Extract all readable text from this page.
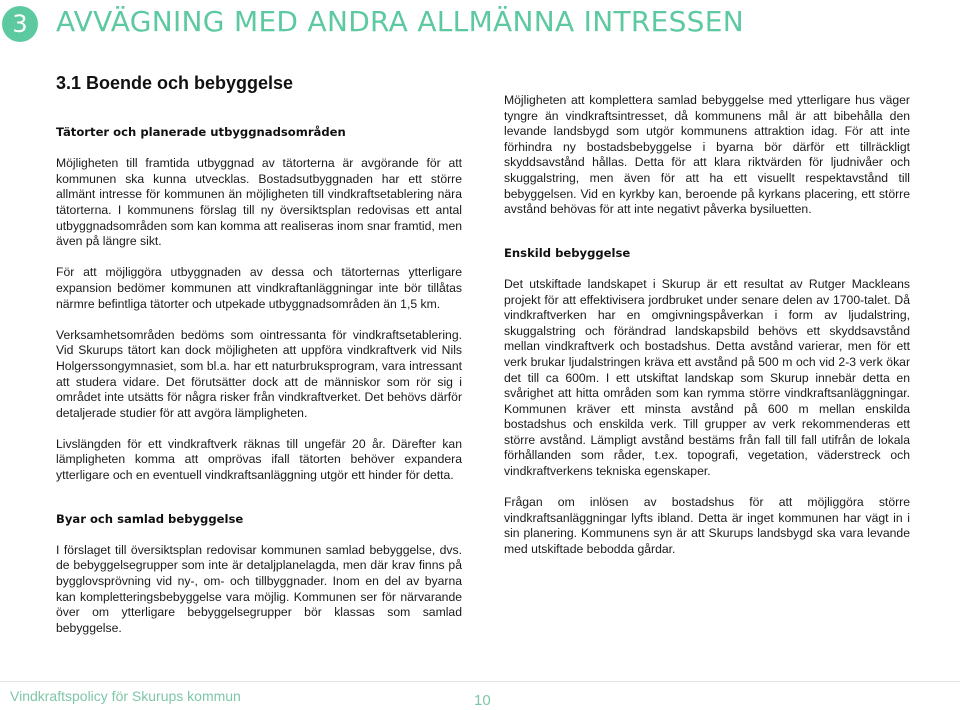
3	AVVÄGNING MED ANDRA ALLMÄNNA INTRESSEN
3.1 Boende och bebyggelse
Tätorter och planerade utbyggnadsområden

Möjligheten till framtida utbyggnad av tätorterna är avgörande för att kommunen ska kunna utvecklas. Bostadsutbyggnaden har ett större allmänt intresse för kommunen än möjligheten till vindkraftsetablering nära tätorterna. I kommunens förslag till ny översiktsplan redovisas ett antal utbyggnadsområden som kan komma att realiseras inom snar framtid, men även på längre sikt.

För att möjliggöra utbyggnaden av dessa och tätorternas ytterligare expansion bedömer kommunen att vindkraftanläggningar inte bör tillåtas närmre befintliga tätorter och utpekade utbyggnadsområden än 1,5 km.

Verksamhetsområden bedöms som ointressanta för vindkraftsetablering. Vid Skurups tätort kan dock möjligheten att uppföra vindkraftverk vid Nils Holgerssongymnasiet, som bl.a. har ett naturbruksprogram, vara intressant att studera vidare. Det förutsätter dock att de människor som rör sig i området inte utsätts för några risker från vindkraftverket. Det behövs därför detaljerade studier för att avgöra lämpligheten.

Livslängden för ett vindkraftverk räknas till ungefär 20 år. Därefter kan lämpligheten komma att omprövas ifall tätorten behöver expandera ytterligare och en eventuell vindkraftsanläggning utgör ett hinder för detta.

Byar och samlad bebyggelse

I förslaget till översiktsplan redovisar kommunen samlad bebyggelse, dvs. de bebyggelsegrupper som inte är detaljplanelagda, men där krav finns på bygglovsprövning vid ny-, om- och tillbyggnader. Inom en del av byarna kan kompletteringsbebyggelse vara möjlig. Kommunen ser för närvarande över om ytterligare bebyggelsegrupper bör klassas som samlad bebyggelse.

Möjligheten att komplettera samlad bebyggelse med ytterligare hus väger tyngre än vindkraftsintresset, då kommunens mål är att bibehålla den levande landsbygd som utgör kommunens attraktion idag. För att inte förhindra ny bostadsbebyggelse i byarna bör därför ett tillräckligt skyddsavstånd hållas. Detta för att klara riktvärden för ljudnivåer och skuggalstring, men även för att ha ett visuellt respektavstånd till bebyggelsen. Vid en kyrkby kan, beroende på kyrkans placering, ett större avstånd behövas för att inte negativt påverka bysiluetten.

Enskild bebyggelse

Det utskiftade landskapet i Skurup är ett resultat av Rutger Mackleans projekt för att effektivisera jordbruket under senare delen av 1700-talet. Då vindkraftverken har en omgivningspåverkan i form av ljudalstring, skuggalstring och förändrad landskapsbild behövs ett skyddsavstånd mellan vindkraftverk och bostadshus. Detta avstånd varierar, men för ett verk brukar ljudalstringen kräva ett avstånd på 500 m och vid 2-3 verk ökar det till ca 600m. I ett utskiftat landskap som Skurup innebär detta en svårighet att hitta områden som kan rymma större vindkraftsanläggningar. Kommunen kräver ett minsta avstånd på 600 m mellan enskilda bostadshus och enskilda verk. Till grupper av verk rekommenderas ett större avstånd. Lämpligt avstånd bestäms från fall till fall utifrån de lokala förhållanden som råder, t.ex. topografi, vegetation, väderstreck och vindkraftverkens tekniska egenskaper.

Frågan om inlösen av bostadshus för att möjliggöra större vindkraftsanläggningar lyfts ibland. Detta är inget kommunen har vägt in i sin planering. Kommunens syn är att Skurups landsbygd ska vara levande med utskiftade bebodda gårdar.

Vindkraftspolicy för Skurups kommun	10
